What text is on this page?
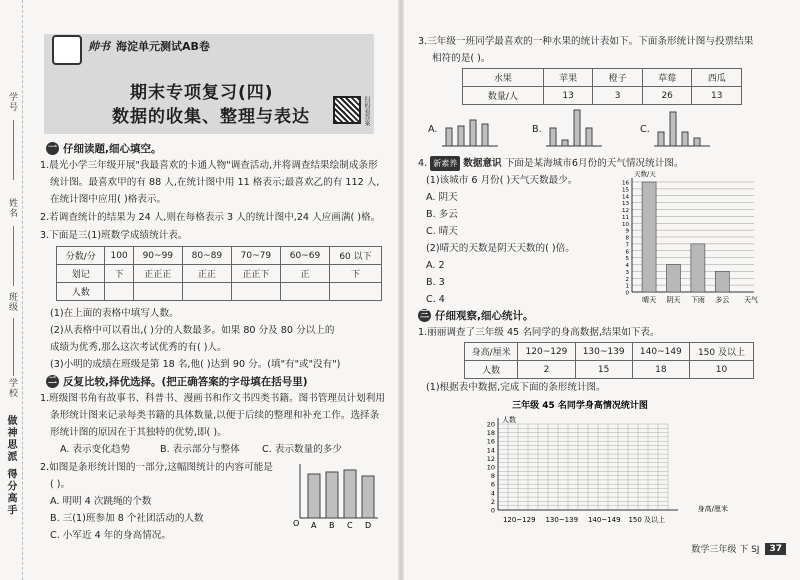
学号
姓名
班级
学校
做神思派 得分高手
帅书 海淀单元测试AB卷
期末专项复习(四)
数据的收集、整理与表达	扫码看答案
一 仔细读题,细心填空。
1.晨光小学三年级开展"我最喜欢的卡通人物"调查活动,并将调查结果绘制成条形
统计图。最喜欢甲的有 88 人,在统计图中用 11 格表示;最喜欢乙的有 112 人,
在统计图中应用( )格表示。
2.若调查统计的结果为 24 人,则在每格表示 3 人的统计图中,24 人应画满( )格。
3.下面是三(1)班数学成绩统计表。
分数/分	100	90~99	80~89	70~79	60~69	60 以下
划记	下	正正正	正正	正正下	正	下
人数						
(1)在上面的表格中填写人数。
(2)从表格中可以看出,( )分的人数最多。如果 80 分及 80 分以上的
成绩为优秀,那么这次考试优秀的有( )人。
(3)小明的成绩在班级是第 18 名,他( )达到 90 分。(填"有"或"没有")
二 反复比较,择优选择。(把正确答案的字母填在括号里)
1.班级图书角有故事书、科普书、漫画书和作文书四类书籍。图书管理员计划利用
条形统计图来记录每类书籍的具体数量,以便于后续的整理和补充工作。选择条
形统计图的原因在于其独特的优势,即( )。
A. 表示变化趋势	B. 表示部分与整体 C. 表示数量的多少
2.如图是条形统计图的一部分,这幅图统计的内容可能是
( )。
A. 明明 4 次跳绳的个数
B. 三(1)班参加 8 个社团活动的人数
C. 小军近 4 年的身高情况。
O A B C D
3.三年级一班同学最喜欢的一种水果的统计表如下。下面条形统计图与投票结果
相符的是( )。
水果	苹果	橙子	草莓	西瓜
数量/人	13	3	26	13
A.	B.	C.
4. 新素养 数据意识 下面是某海城市6月份的天气情况统计图。
(1)该城市 6 月份( )天气天数最少。
A. 阴天
B. 多云
C. 晴天
(2)晴天的天数是阴天天数的( )倍。
A. 2
B. 3
C. 4
0
1
2
3
4
5
6
7
8
9
10
11
12
13
14
15
16
天数/天
晴天 阴天 下雨 多云 天气
三 仔细观察,细心统计。
1.丽丽调查了三年级 45 名同学的身高数据,结果如下表。
身高/厘米	120~129	130~139	140~149	150 及以上
人数	2	15	18	10
(1)根据表中数据,完成下面的条形统计图。
三年级 45 名同学身高情况统计图
0
2
4
6
8
10
12
14
16
18
20
人数
身高/厘米
120~129 130~139 140~149 150 及以上
数学三年级 下 SJ	37
